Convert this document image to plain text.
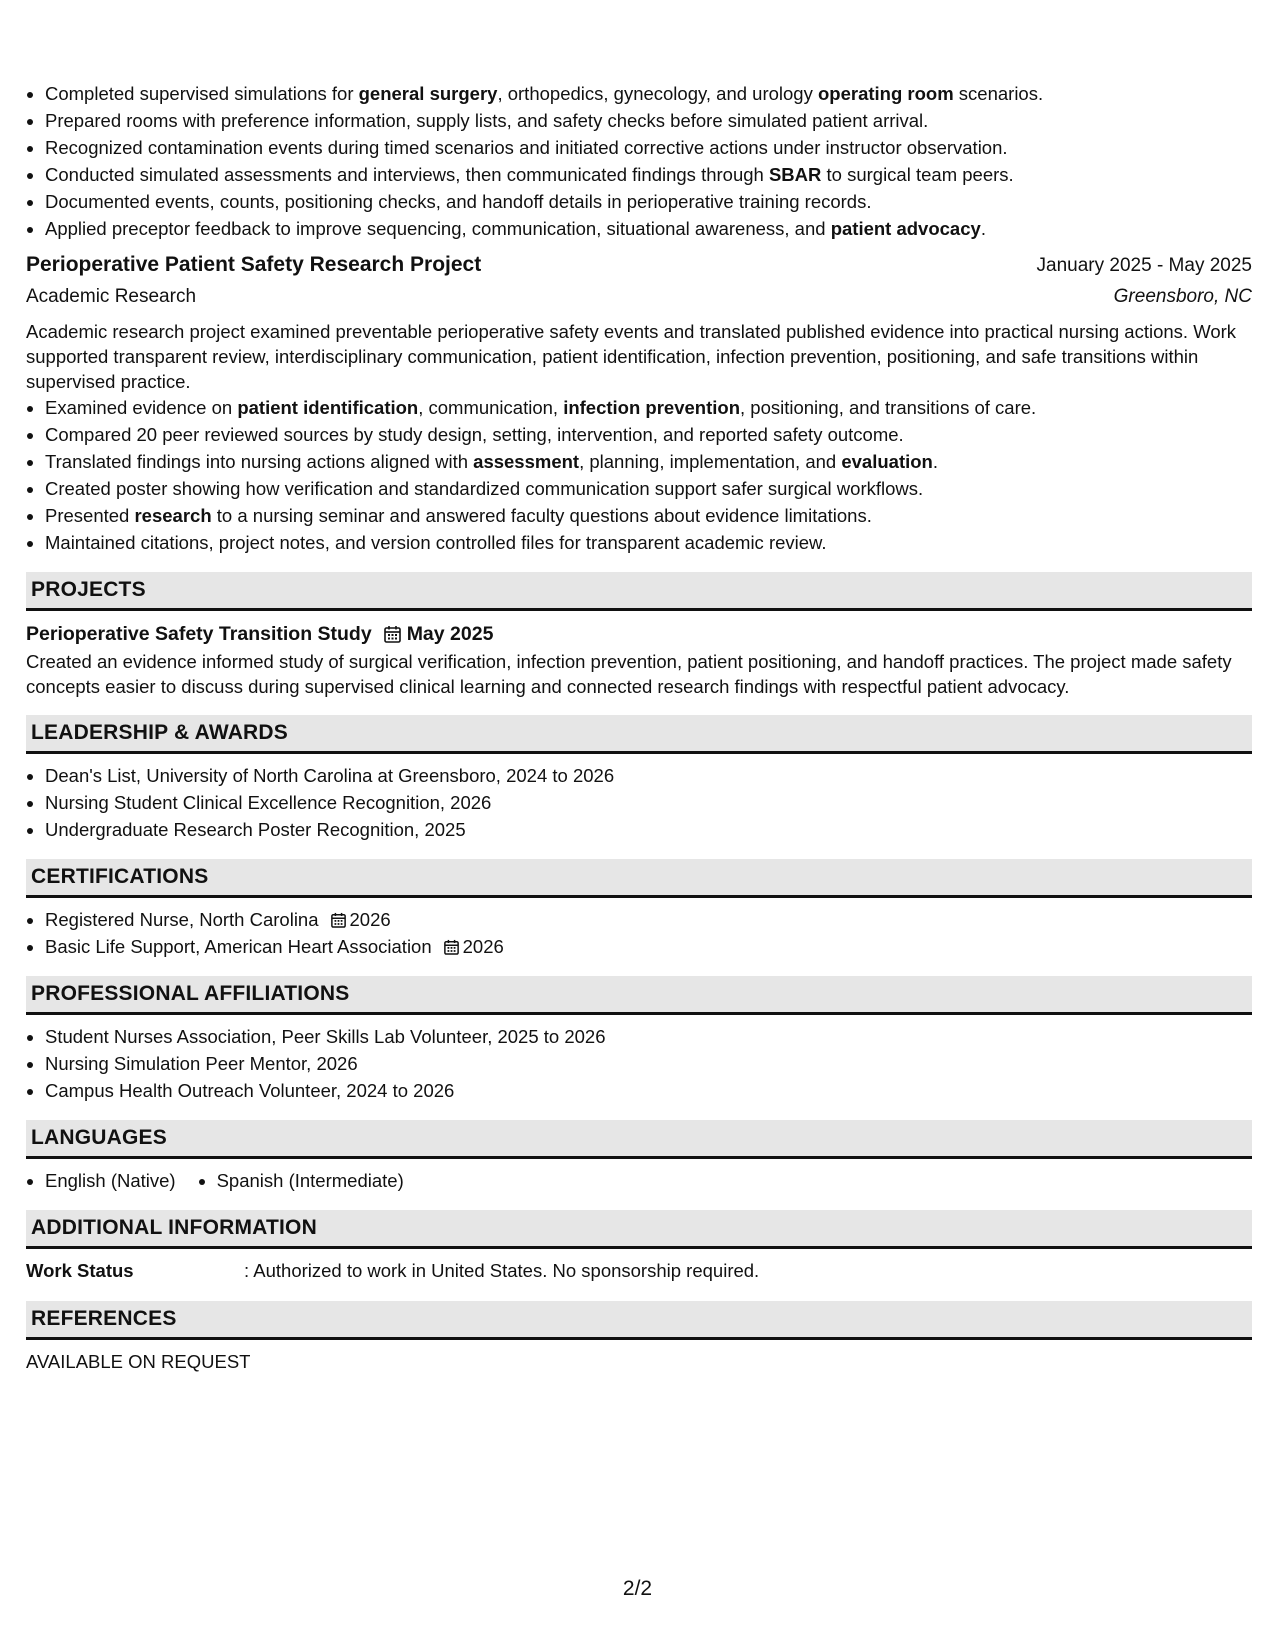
• Completed supervised simulations for general surgery, orthopedics, gynecology, and urology operating room scenarios.
• Prepared rooms with preference information, supply lists, and safety checks before simulated patient arrival.
• Recognized contamination events during timed scenarios and initiated corrective actions under instructor observation.
• Conducted simulated assessments and interviews, then communicated findings through SBAR to surgical team peers.
• Documented events, counts, positioning checks, and handoff details in perioperative training records.
• Applied preceptor feedback to improve sequencing, communication, situational awareness, and patient advocacy.
Perioperative Patient Safety Research Project	January 2025 - May 2025
Academic Research	Greensboro, NC

Academic research project examined preventable perioperative safety events and translated published evidence into practical nursing actions. Work supported transparent review, interdisciplinary communication, patient identification, infection prevention, positioning, and safe transitions within supervised practice.

• Examined evidence on patient identification, communication, infection prevention, positioning, and transitions of care.
• Compared 20 peer reviewed sources by study design, setting, intervention, and reported safety outcome.
• Translated findings into nursing actions aligned with assessment, planning, implementation, and evaluation.
• Created poster showing how verification and standardized communication support safer surgical workflows.
• Presented research to a nursing seminar and answered faculty questions about evidence limitations.
• Maintained citations, project notes, and version controlled files for transparent academic review.
PROJECTS
Perioperative Safety Transition Study May 2025

Created an evidence informed study of surgical verification, infection prevention, patient positioning, and handoff practices. The project made safety concepts easier to discuss during supervised clinical learning and connected research findings with respectful patient advocacy.

LEADERSHIP & AWARDS
• Dean's List, University of North Carolina at Greensboro, 2024 to 2026
• Nursing Student Clinical Excellence Recognition, 2026
• Undergraduate Research Poster Recognition, 2025
CERTIFICATIONS
• Registered Nurse, North Carolina 2026
• Basic Life Support, American Heart Association 2026
PROFESSIONAL AFFILIATIONS
• Student Nurses Association, Peer Skills Lab Volunteer, 2025 to 2026
• Nursing Simulation Peer Mentor, 2026
• Campus Health Outreach Volunteer, 2024 to 2026
LANGUAGES
• English (Native)
• Spanish (Intermediate)
ADDITIONAL INFORMATION
Work Status	: Authorized to work in United States. No sponsorship required.
REFERENCES
AVAILABLE ON REQUEST
2/2
